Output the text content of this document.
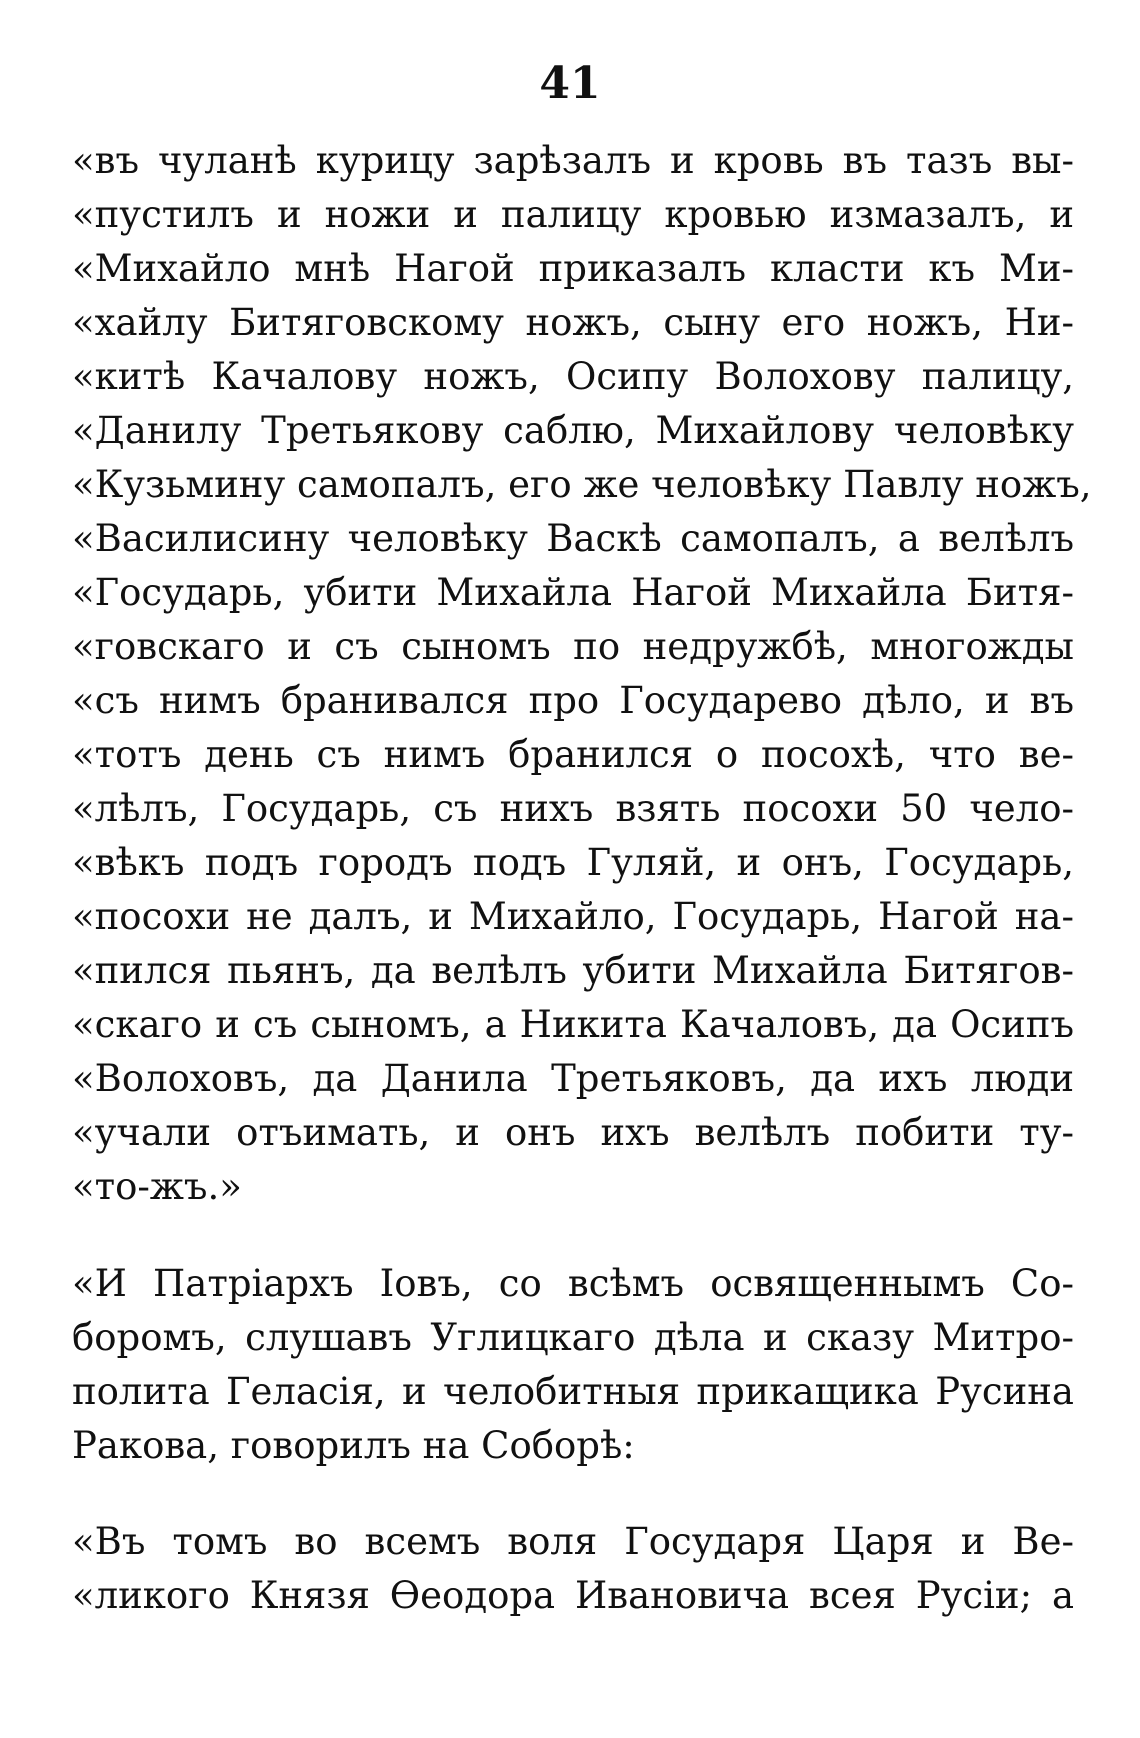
41
«въ чуланѣ курицу зарѣзалъ и кровь въ тазъ вы-
«пустилъ и ножи и палицу кровью измазалъ, и
«Михайло мнѣ Нагой приказалъ класти къ Ми-
«хайлу Битяговскому ножъ, сыну его ножъ, Ни-
«китѣ Качалову ножъ, Осипу Волохову палицу,
«Данилу Третьякову саблю, Михайлову человѣку
«Кузьмину самопалъ, его же человѣку Павлу ножъ,
«Василисину человѣку Васкѣ самопалъ, а велѣлъ
«Государь, убити Михайла Нагой Михайла Битя-
«говскаго и съ сыномъ по недружбѣ, многожды
«съ нимъ бранивался про Государево дѣло, и въ
«тотъ день съ нимъ бранился о посохѣ, что ве-
«лѣлъ, Государь, съ нихъ взять посохи 50 чело-
«вѣкъ подъ городъ подъ Гуляй, и онъ, Государь,
«посохи не далъ, и Михайло, Государь, Нагой на-
«пился пьянъ, да велѣлъ убити Михайла Битягов-
«скаго и съ сыномъ, а Никита Качаловъ, да Осипъ
«Волоховъ, да Данила Третьяковъ, да ихъ люди
«учали отъимать, и онъ ихъ велѣлъ побити ту-
«то-жъ.»
«И Патріархъ Іовъ, со всѣмъ освященнымъ Со-
боромъ, слушавъ Углицкаго дѣла и сказу Митро-
полита Геласія, и челобитныя прикащика Русина
Ракова, говорилъ на Соборѣ:
«Въ томъ во всемъ воля Государя Царя и Ве-
«ликого Князя Ѳеодора Ивановича всея Русіи; а
